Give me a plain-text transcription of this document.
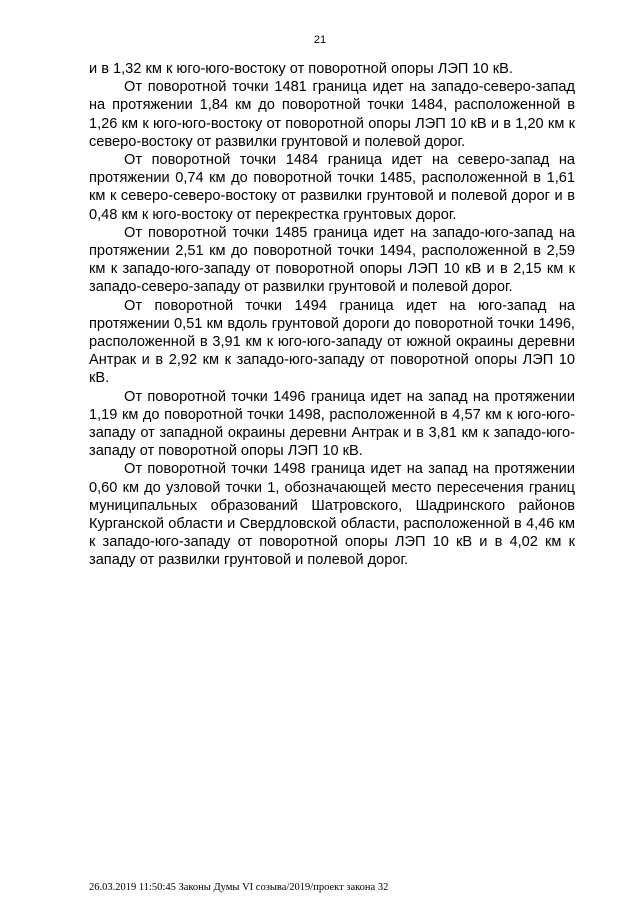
21

и в 1,32 км к юго-юго-востоку от поворотной опоры ЛЭП 10 кВ.

От поворотной точки 1481 граница идет на западо-северо-запад на протяжении 1,84 км до поворотной точки 1484, расположенной в 1,26 км к юго-юго-востоку от поворотной опоры ЛЭП 10 кВ и в 1,20 км к северо-востоку от развилки грунтовой и полевой дорог.

От поворотной точки 1484 граница идет на северо-запад на протяжении 0,74 км до поворотной точки 1485, расположенной в 1,61 км к северо-северо-востоку от развилки грунтовой и полевой дорог и в 0,48 км к юго-востоку от перекрестка грунтовых дорог.

От поворотной точки 1485 граница идет на западо-юго-запад на протяжении 2,51 км до поворотной точки 1494, расположенной в 2,59 км к западо-юго-западу от поворотной опоры ЛЭП 10 кВ и в 2,15 км к западо-северо-западу от развилки грунтовой и полевой дорог.

От поворотной точки 1494 граница идет на юго-запад на протяжении 0,51 км вдоль грунтовой дороги до поворотной точки 1496, расположенной в 3,91 км к юго-юго-западу от южной окраины деревни Антрак и в 2,92 км к западо-юго-западу от поворотной опоры ЛЭП 10 кВ.

От поворотной точки 1496 граница идет на запад на протяжении 1,19 км до поворотной точки 1498, расположенной в 4,57 км к юго-юго-западу от западной окраины деревни Антрак и в 3,81 км к западо-юго-западу от поворотной опоры ЛЭП 10 кВ.

От поворотной точки 1498 граница идет на запад на протяжении 0,60 км до узловой точки 1, обозначающей место пересечения границ муниципальных образований Шатровского, Шадринского районов Курганской области и Свердловской области, расположенной в 4,46 км к западо-юго-западу от поворотной опоры ЛЭП 10 кВ и в 4,02 км к западу от развилки грунтовой и полевой дорог.

26.03.2019 11:50:45 Законы Думы VI созыва/2019/проект закона 32
